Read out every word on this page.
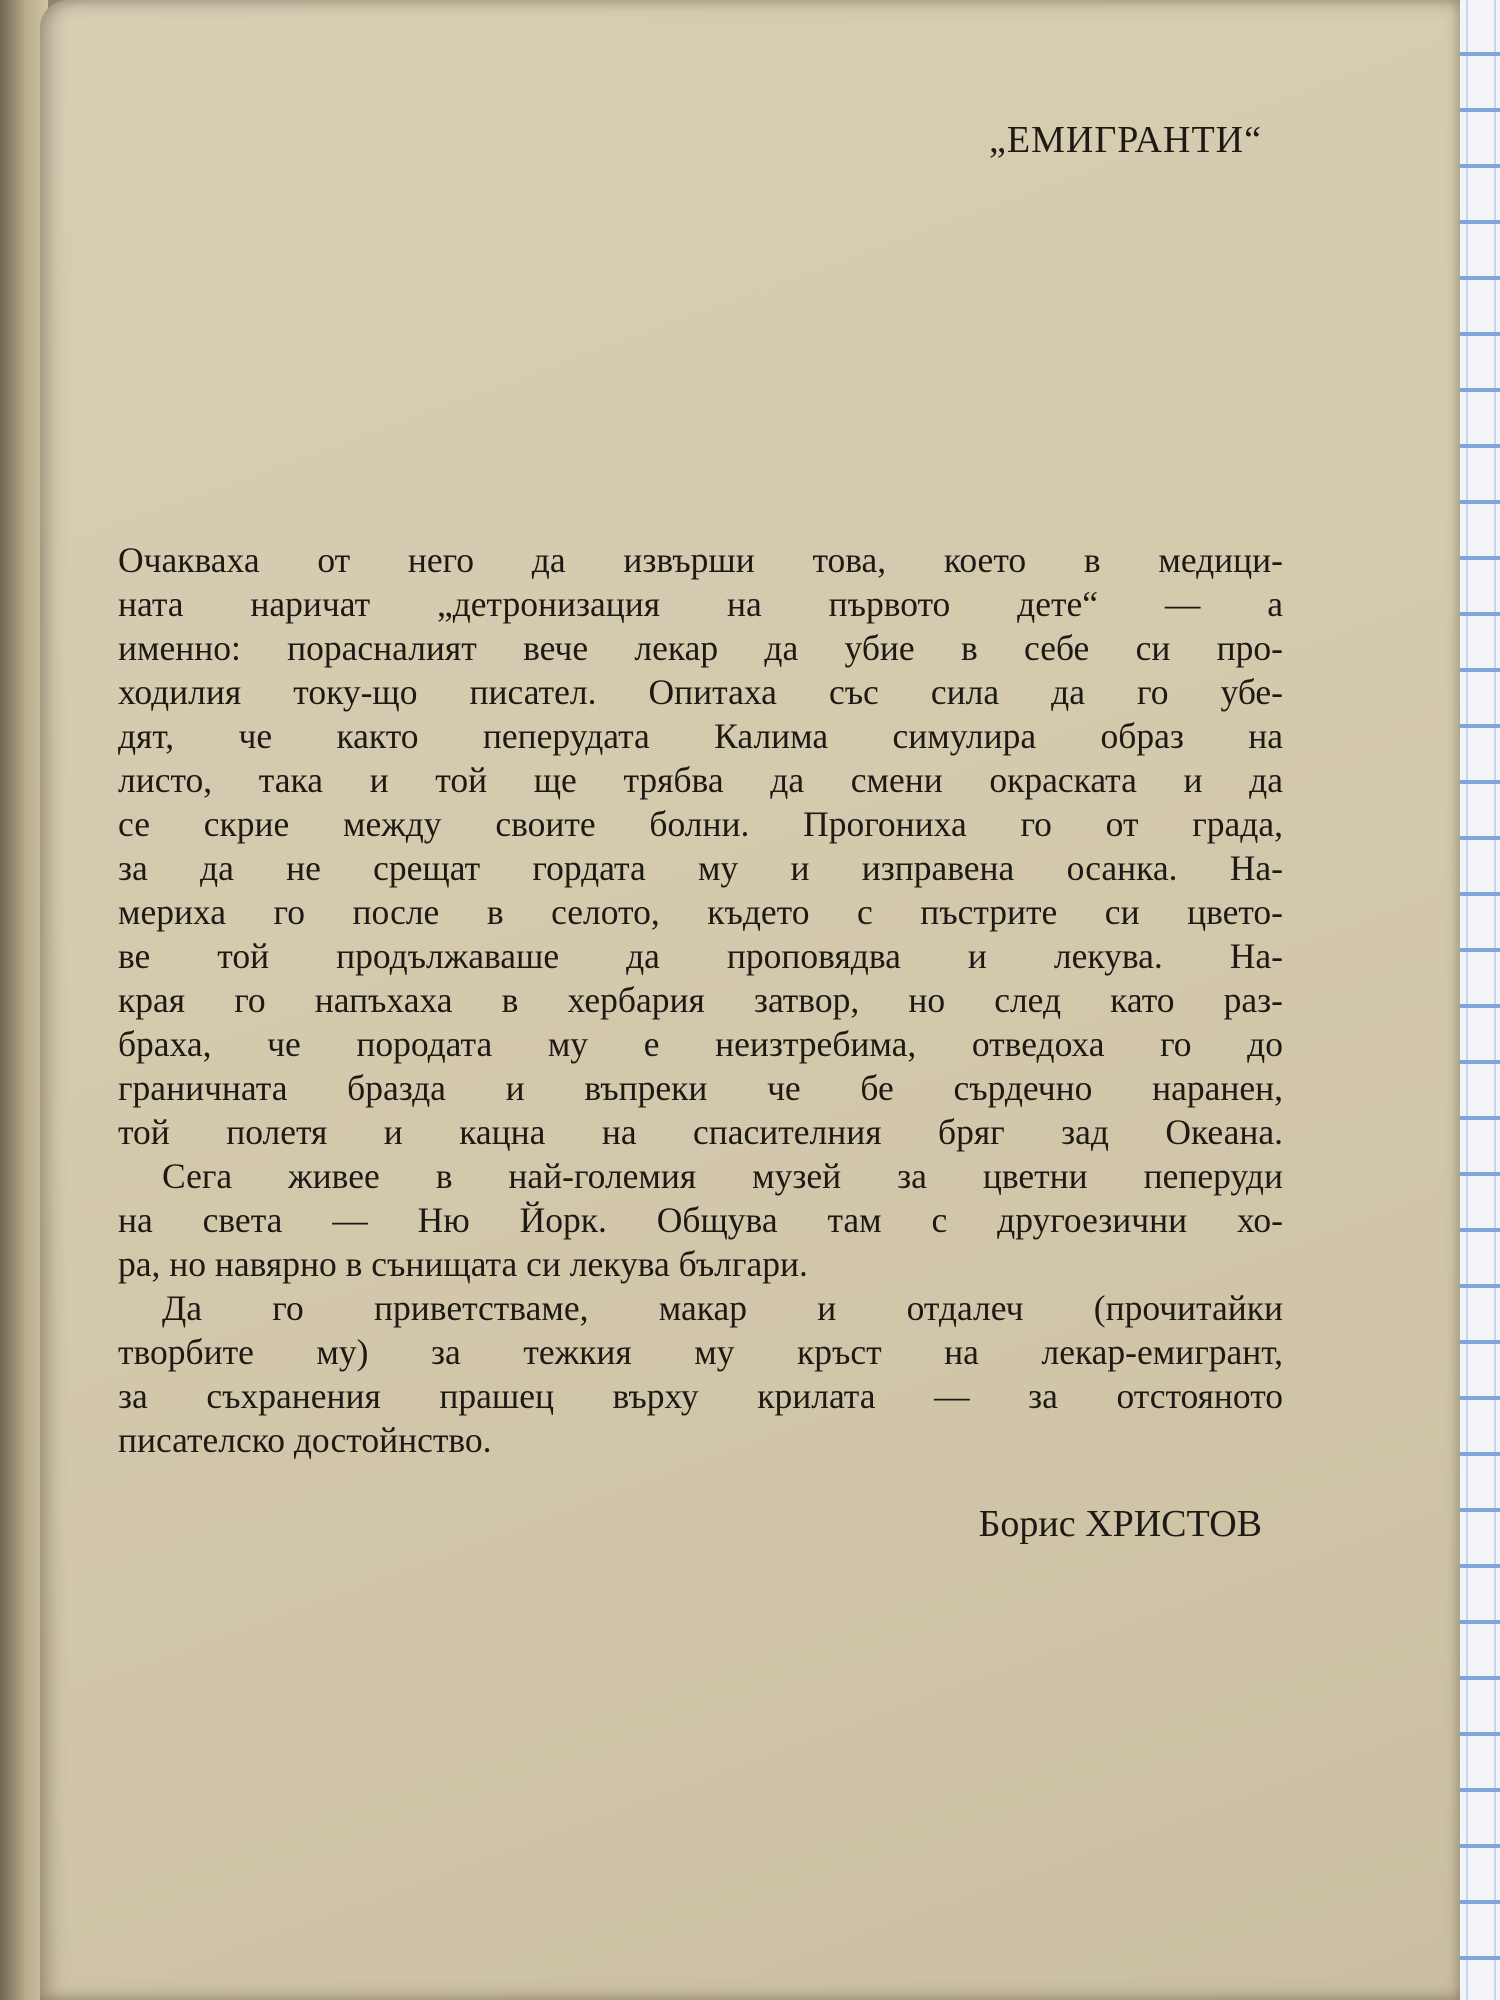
„ЕМИГРАНТИ“
Очакваха от него да извърши това, което в медици-
ната наричат „детронизация на първото дете“ — а
именно: порасналият вече лекар да убие в себе си про-
ходилия току-що писател. Опитаха със сила да го убе-
дят, че както пеперудата Калима симулира образ на
листо, така и той ще трябва да смени окраската и да
се скрие между своите болни. Прогониха го от града,
за да не срещат гордата му и изправена осанка. На-
мериха го после в селото, където с пъстрите си цвето-
ве той продължаваше да проповядва и лекува. На-
края го напъхаха в хербария затвор, но след като раз-
браха, че породата му е неизтребима, отведоха го до
граничната бразда и въпреки че бе сърдечно наранен,
той полетя и кацна на спасителния бряг зад Океана.
Сега живее в най-големия музей за цветни пеперуди
на света — Ню Йорк. Общува там с другоезични хо-
ра, но навярно в сънищата си лекува българи.
Да го приветстваме, макар и отдалеч (прочитайки
творбите му) за тежкия му кръст на лекар-емигрант,
за съхранения прашец върху крилата — за отстояното
писателско достойнство.

Борис ХРИСТОВ
